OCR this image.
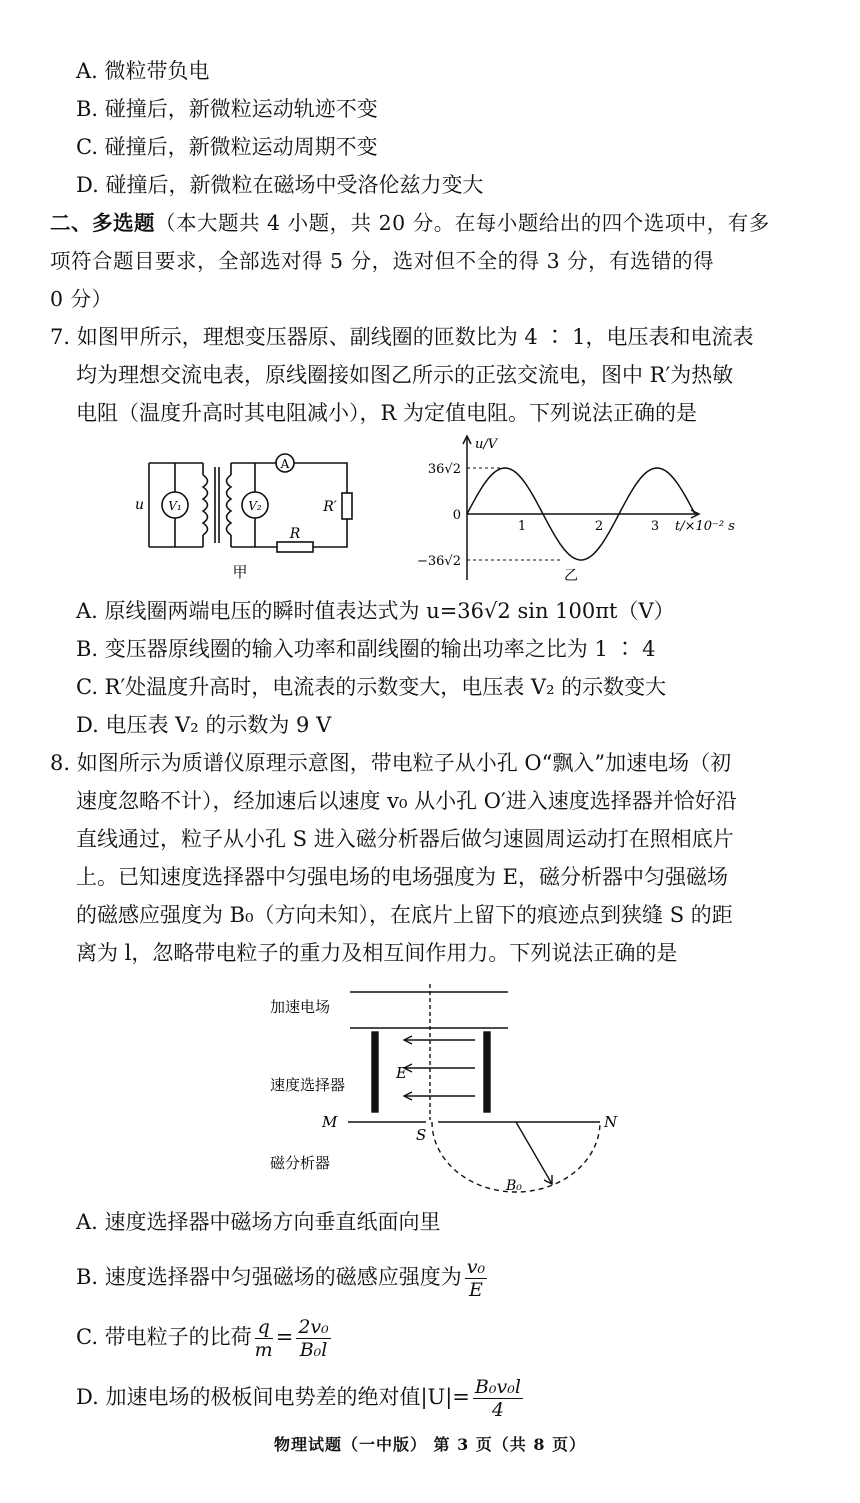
A. 微粒带负电
B. 碰撞后，新微粒运动轨迹不变
C. 碰撞后，新微粒运动周期不变
D. 碰撞后，新微粒在磁场中受洛伦兹力变大
二、多选题（本大题共 4 小题，共 20 分。在每小题给出的四个选项中，有多
项符合题目要求，全部选对得 5 分，选对但不全的得 3 分，有选错的得
0 分）
7. 如图甲所示，理想变压器原、副线圈的匝数比为 4 ∶ 1，电压表和电流表
均为理想交流电表，原线圈接如图乙所示的正弦交流电，图中 R′为热敏
电阻（温度升高时其电阻减小），R 为定值电阻。下列说法正确的是
u V₁	V₂
A
R′
R
甲
u/V
36√2
0
−36√2
1	2	3 t/×10⁻² s
乙
A. 原线圈两端电压的瞬时值表达式为 u=36√2 sin 100πt（V）
B. 变压器原线圈的输入功率和副线圈的输出功率之比为 1 ∶ 4
C. R′处温度升高时，电流表的示数变大，电压表 V₂ 的示数变大
D. 电压表 V₂ 的示数为 9 V
8. 如图所示为质谱仪原理示意图，带电粒子从小孔 O“飘入”加速电场（初
速度忽略不计），经加速后以速度 v₀ 从小孔 O′进入速度选择器并恰好沿
直线通过，粒子从小孔 S 进入磁分析器后做匀速圆周运动打在照相底片
上。已知速度选择器中匀强电场的电场强度为 E，磁分析器中匀强磁场
的磁感应强度为 B₀（方向未知），在底片上留下的痕迹点到狭缝 S 的距
离为 l，忽略带电粒子的重力及相互间作用力。下列说法正确的是
加速电场
速度选择器
磁分析器
E
M	N
S
B₀
A. 速度选择器中磁场方向垂直纸面向里
B. 速度选择器中匀强磁场的磁感应强度为 $\frac{\text{v₀}}{E}$
C. 带电粒子的比荷 $\frac{q}{m} = \frac{\text{2v₀}}{\text{B₀l}}$
D. 加速电场的极板间电势差的绝对值$|U|= \frac{\text{B₀v₀l}}{4}$
物理试题（一中版） 第 3 页（共 8 页）
